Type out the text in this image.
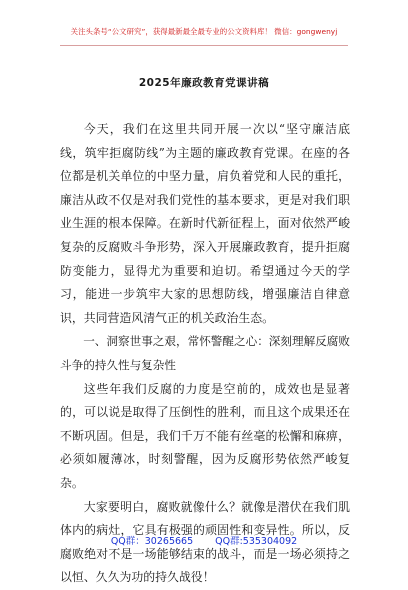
关注头条号“公文研究”，获得最新最全最专业的公文资料库！ 微信：gongwenyj
2025年廉政教育党课讲稿

今天，我们在这里共同开展一次以“坚守廉洁底线，筑牢拒腐防线”为主题的廉政教育党课。在座的各位都是机关单位的中坚力量，肩负着党和人民的重托，廉洁从政不仅是对我们党性的基本要求，更是对我们职业生涯的根本保障。在新时代新征程上，面对依然严峻复杂的反腐败斗争形势，深入开展廉政教育，提升拒腐防变能力，显得尤为重要和迫切。希望通过今天的学习，能进一步筑牢大家的思想防线，增强廉洁自律意识，共同营造风清气正的机关政治生态。

一、洞察世事之艰，常怀警醒之心：深刻理解反腐败斗争的持久性与复杂性

这些年我们反腐的力度是空前的，成效也是显著的，可以说是取得了压倒性的胜利，而且这个成果还在不断巩固。但是，我们千万不能有丝毫的松懈和麻痹，必须如履薄冰，时刻警醒，因为反腐形势依然严峻复杂。

大家要明白，腐败就像什么？就像是潜伏在我们肌体内的病灶，它具有极强的顽固性和变异性。所以，反腐败绝对不是一场能够结束的战斗，而是一场必须持之以恒、久久为功的持久战役！

QQ群：30265665 QQ群:535304092
